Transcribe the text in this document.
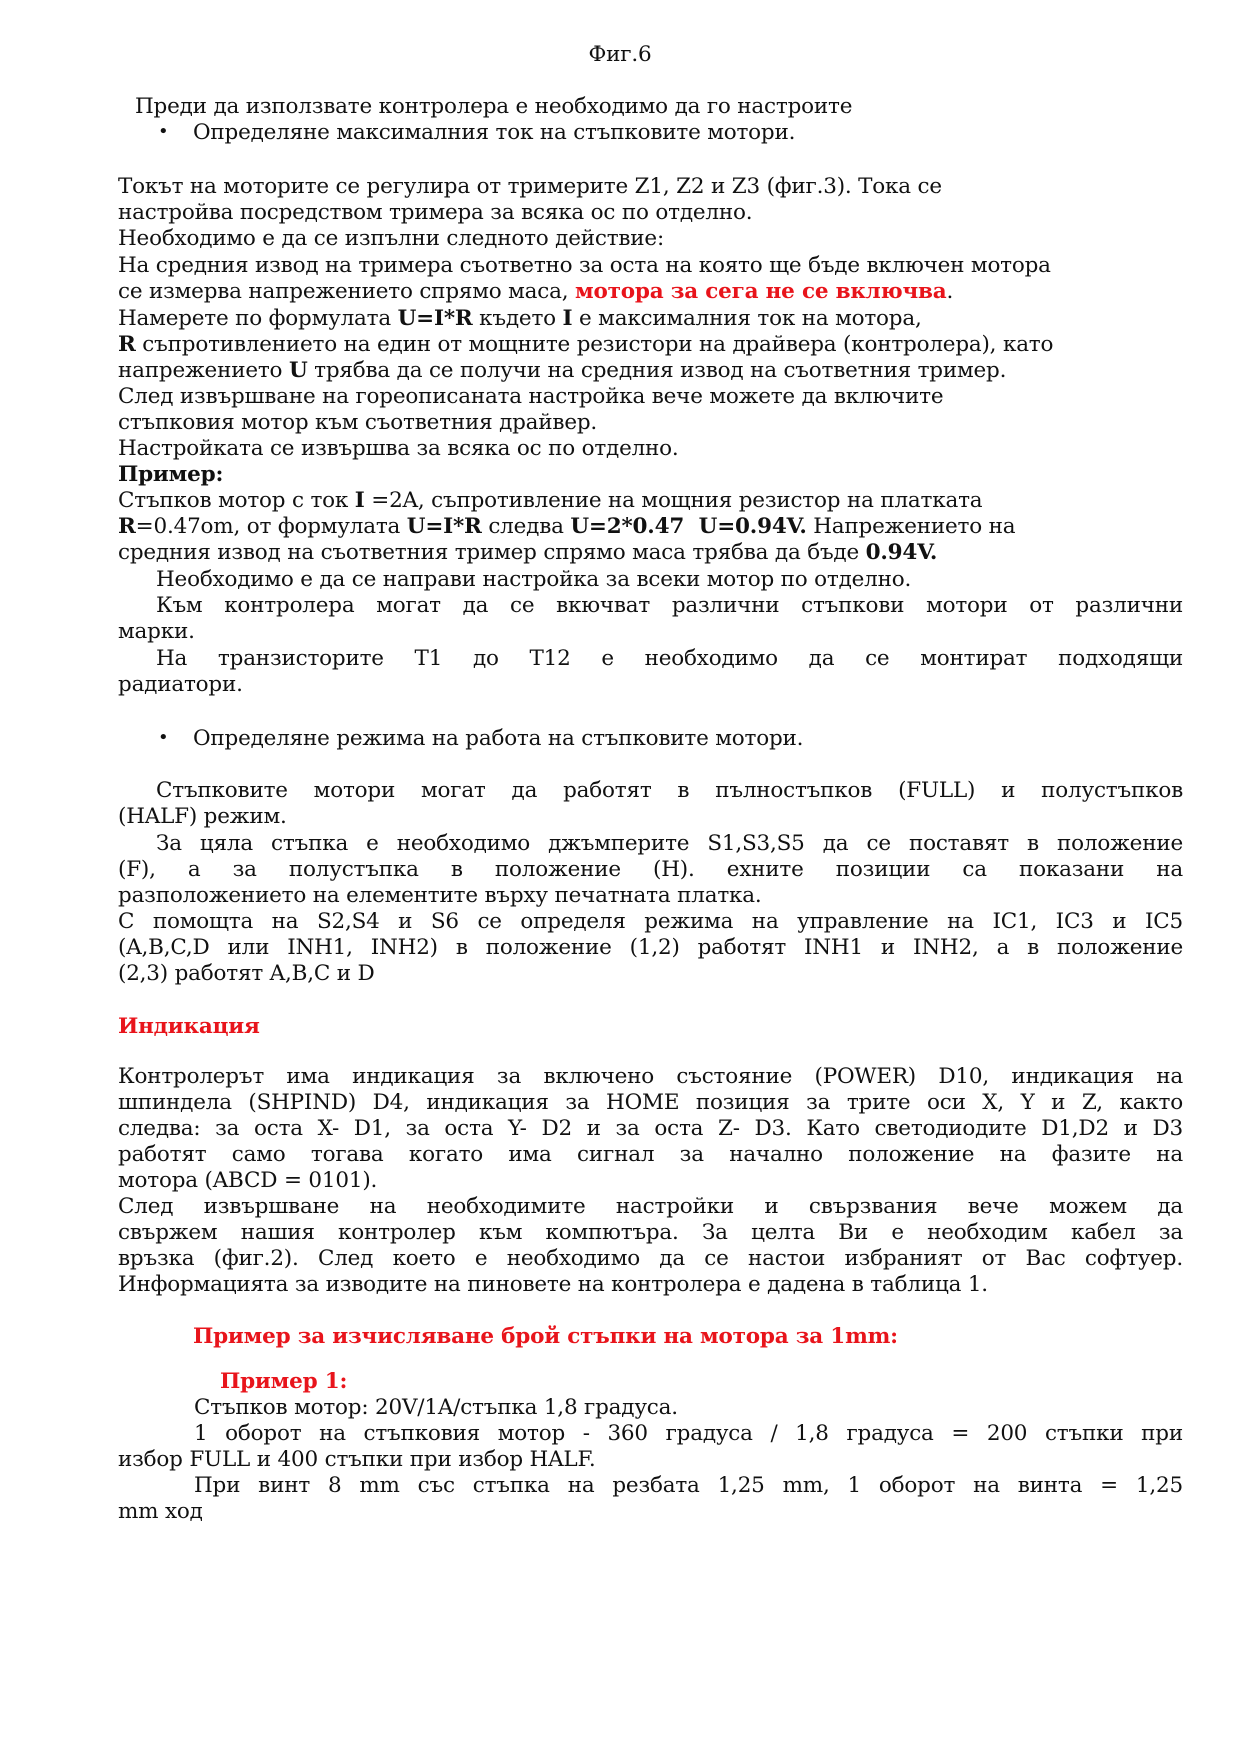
Фиг.6
Преди да използвате контролера е необходимо да го настроите
• Определяне максималния ток на стъпковите мотори.
Токът на моторите се регулира от тримерите Z1, Z2 и Z3 (фиг.3). Тока се
настройва посредством тримера за всяка ос по отделно.
Необходимо е да се изпълни следното действие:
На средния извод на тримера съответно за оста на която ще бъде включен мотора
се измерва напрежението спрямо маса, мотора за сега не се включва.
Намерете по формулата U=I*R където I е максималния ток на мотора,
R съпротивлението на един от мощните резистори на драйвера (контролера), като
напрежението U трябва да се получи на средния извод на съответния тример.
След извършване на гореописаната настройка вече можете да включите
стъпковия мотор към съответния драйвер.
Настройката се извършва за всяка ос по отделно.
Пример:
Стъпков мотор с ток I =2A, съпротивление на мощния резистор на платката
R=0.47om, от формулата U=I*R следва U=2*0.47  U=0.94V. Напрежението на
средния извод на съответния тример спрямо маса трябва да бъде 0.94V.
Необходимо е да се направи настройка за всеки мотор по отделно.
Към контролера могат да се вкючват различни стъпкови мотори от различни
марки.
На транзисторите T1 до T12 е необходимо да се монтират подходящи
радиатори.
• Определяне режима на работа на стъпковите мотори.
Стъпковите мотори могат да работят в пълностъпков (FULL) и полустъпков
(HALF) режим.
За цяла стъпка е необходимо джъмперите S1,S3,S5 да се поставят в положение
(F), а за полустъпка в положение (H). ехните позиции са показани на
разположението на елементите върху печатната платка.
С помощта на S2,S4 и S6 се определя режима на управление на IC1, IC3 и IC5
(A,B,C,D или INH1, INH2) в положение (1,2) работят INH1 и INH2, а в положение
(2,3) работят A,B,C и D
Индикация
Контролерът има индикация за включено състояние (POWER) D10, индикация на
шпиндела (SHPIND) D4, индикация за HOME позиция за трите оси X, Y и Z, както
следва: за оста X- D1, за оста Y- D2 и за оста Z- D3. Като светодиодите D1,D2 и D3
работят само тогава когато има сигнал за начално положение на фазите на
мотора (ABCD = 0101).
След извършване на необходимите настройки и свързвания вече можем да
свържем нашия контролер към компютъра. За целта Ви е необходим кабел за
връзка (фиг.2). След което е необходимо да се настои избраният от Вас софтуер.
Информацията за изводите на пиновете на контролера е дадена в таблица 1.
Пример за изчисляване брой стъпки на мотора за 1mm:
Пример 1:
Стъпков мотор: 20V/1A/стъпка 1,8 градуса.
1 оборот на стъпковия мотор - 360 градуса / 1,8 градуса = 200 стъпки при
избор FULL и 400 стъпки при избор HALF.
При винт 8 mm със стъпка на резбата 1,25 mm, 1 оборот на винта = 1,25
mm ход
